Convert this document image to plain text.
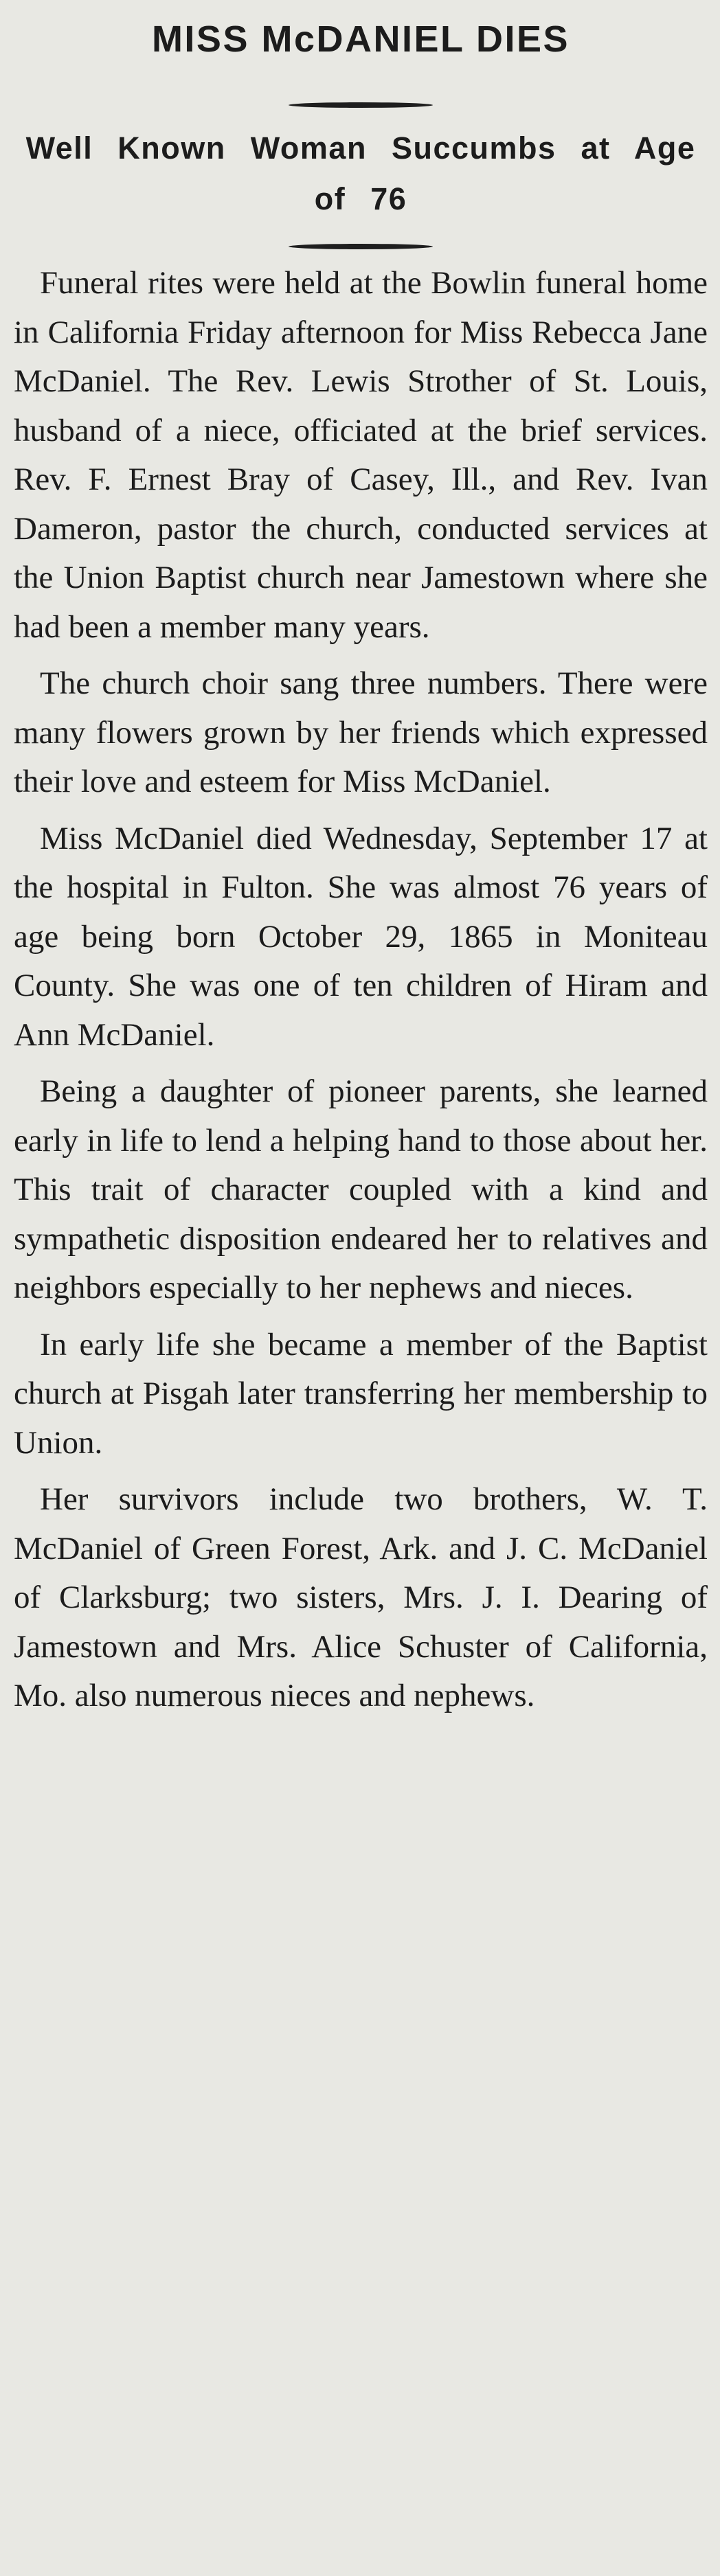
MISS McDANIEL DIES
Well Known Woman Succumbs at Age of 76

Funeral rites were held at the Bowlin funeral home in California Friday afternoon for Miss Rebecca Jane McDaniel. The Rev. Lewis Strother of St. Louis, husband of a niece, officiated at the brief services. Rev. F. Ernest Bray of Casey, Ill., and Rev. Ivan Dameron, pastor the church, conducted services at the Union Baptist church near Jamestown where she had been a member many years.

The church choir sang three numbers. There were many flowers grown by her friends which expressed their love and esteem for Miss McDaniel.

Miss McDaniel died Wednesday, September 17 at the hospital in Fulton. She was almost 76 years of age being born October 29, 1865 in Moniteau County. She was one of ten children of Hiram and Ann McDaniel.

Being a daughter of pioneer parents, she learned early in life to lend a helping hand to those about her. This trait of character coupled with a kind and sympathetic disposition endeared her to relatives and neighbors especially to her nephews and nieces.

In early life she became a member of the Baptist church at Pisgah later transferring her membership to Union.

Her survivors include two brothers, W. T. McDaniel of Green Forest, Ark. and J. C. McDaniel of Clarksburg; two sisters, Mrs. J. I. Dearing of Jamestown and Mrs. Alice Schuster of California, Mo. also numerous nieces and nephews.
